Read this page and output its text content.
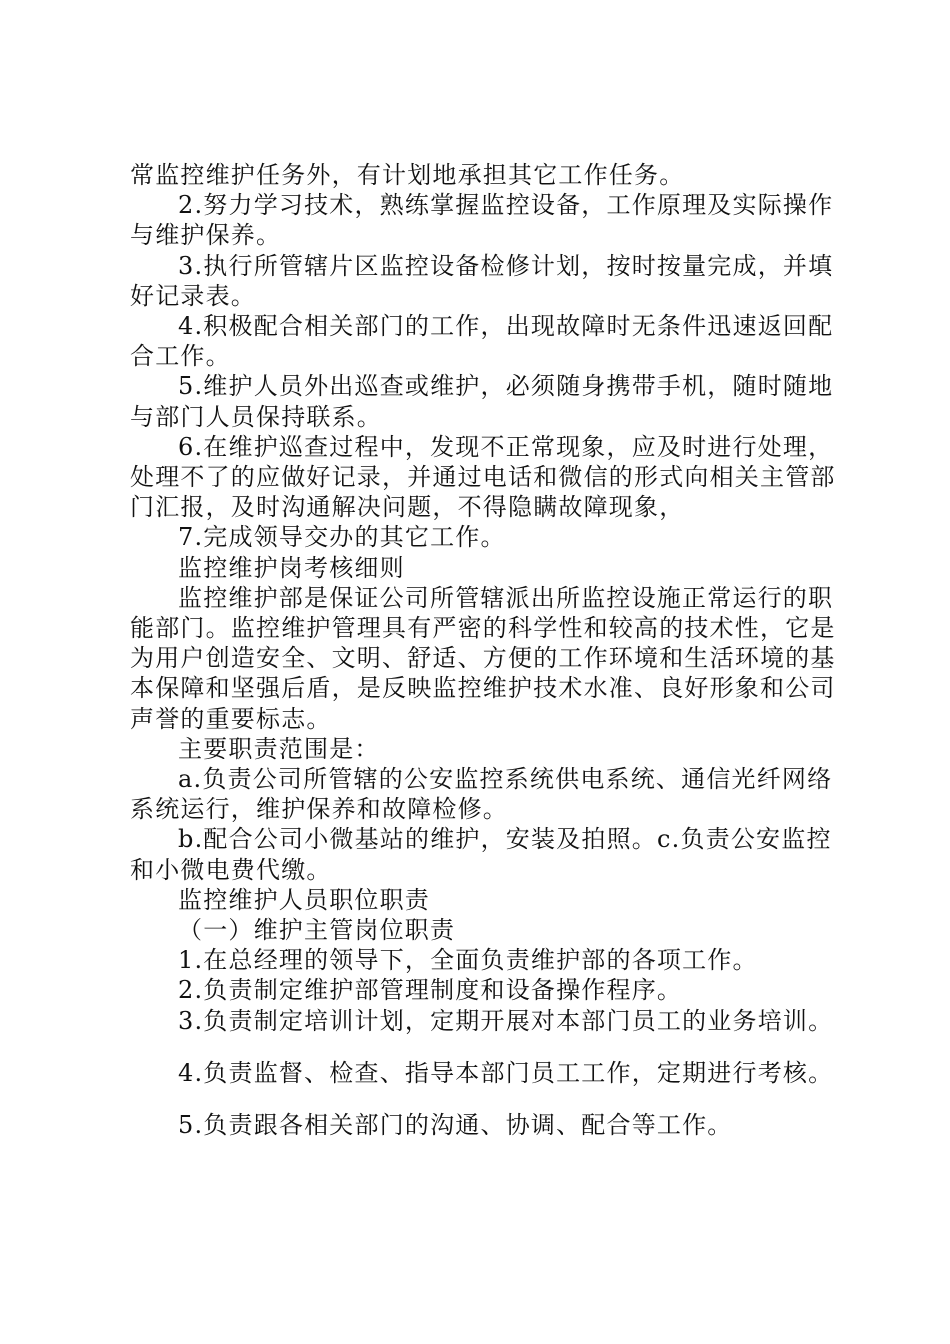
常监控维护任务外，有计划地承担其它工作任务。

2.努力学习技术，熟练掌握监控设备，工作原理及实际操作与维护保养。

3.执行所管辖片区监控设备检修计划，按时按量完成，并填好记录表。

4.积极配合相关部门的工作，出现故障时无条件迅速返回配合工作。

5.维护人员外出巡查或维护，必须随身携带手机，随时随地与部门人员保持联系。

6.在维护巡查过程中，发现不正常现象，应及时进行处理，处理不了的应做好记录，并通过电话和微信的形式向相关主管部门汇报，及时沟通解决问题，不得隐瞒故障现象，

7.完成领导交办的其它工作。

监控维护岗考核细则

监控维护部是保证公司所管辖派出所监控设施正常运行的职能部门。监控维护管理具有严密的科学性和较高的技术性，它是为用户创造安全、文明、舒适、方便的工作环境和生活环境的基本保障和坚强后盾，是反映监控维护技术水准、良好形象和公司声誉的重要标志。

主要职责范围是：

a.负责公司所管辖的公安监控系统供电系统、通信光纤网络系统运行，维护保养和故障检修。

b.配合公司小微基站的维护，安装及拍照。c.负责公安监控和小微电费代缴。

监控维护人员职位职责

（一）维护主管岗位职责

1.在总经理的领导下，全面负责维护部的各项工作。

2.负责制定维护部管理制度和设备操作程序。

3.负责制定培训计划，定期开展对本部门员工的业务培训。

4.负责监督、检查、指导本部门员工工作，定期进行考核。

5.负责跟各相关部门的沟通、协调、配合等工作。
